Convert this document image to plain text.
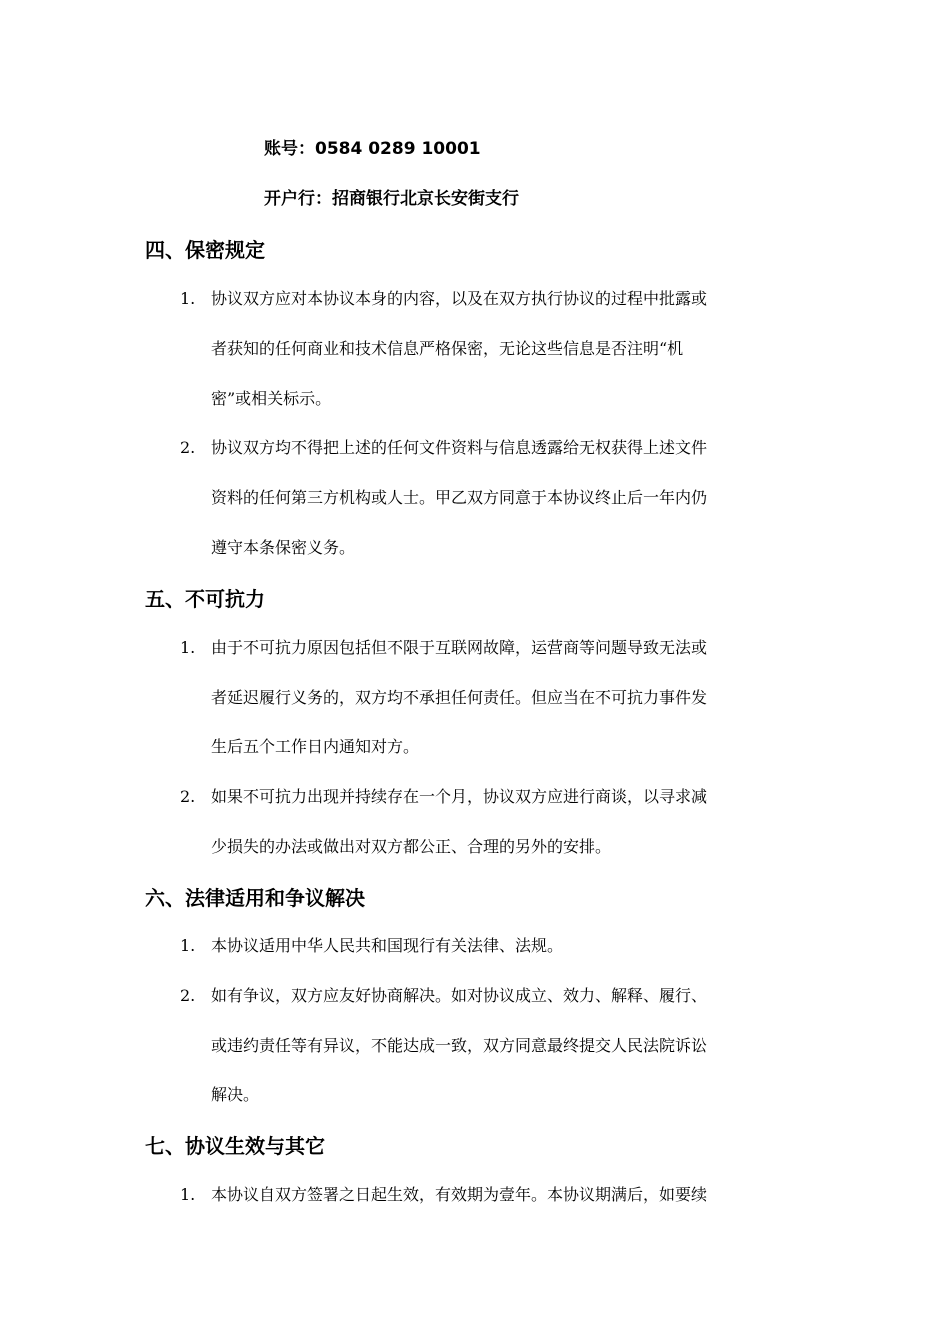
账号：0584 0289 10001
开户行：招商银行北京长安街支行
四、保密规定
1. 协议双方应对本协议本身的内容，以及在双方执行协议的过程中批露或
者获知的任何商业和技术信息严格保密，无论这些信息是否注明“机
密”或相关标示。
2. 协议双方均不得把上述的任何文件资料与信息透露给无权获得上述文件
资料的任何第三方机构或人士。甲乙双方同意于本协议终止后一年内仍
遵守本条保密义务。
五、不可抗力
1. 由于不可抗力原因包括但不限于互联网故障，运营商等问题导致无法或
者延迟履行义务的，双方均不承担任何责任。但应当在不可抗力事件发
生后五个工作日内通知对方。
2. 如果不可抗力出现并持续存在一个月，协议双方应进行商谈，以寻求减
少损失的办法或做出对双方都公正、合理的另外的安排。
六、法律适用和争议解决
1. 本协议适用中华人民共和国现行有关法律、法规。
2. 如有争议，双方应友好协商解决。如对协议成立、效力、解释、履行、
或违约责任等有异议，不能达成一致，双方同意最终提交人民法院诉讼
解决。
七、协议生效与其它
1. 本协议自双方签署之日起生效，有效期为壹年。本协议期满后，如要续
